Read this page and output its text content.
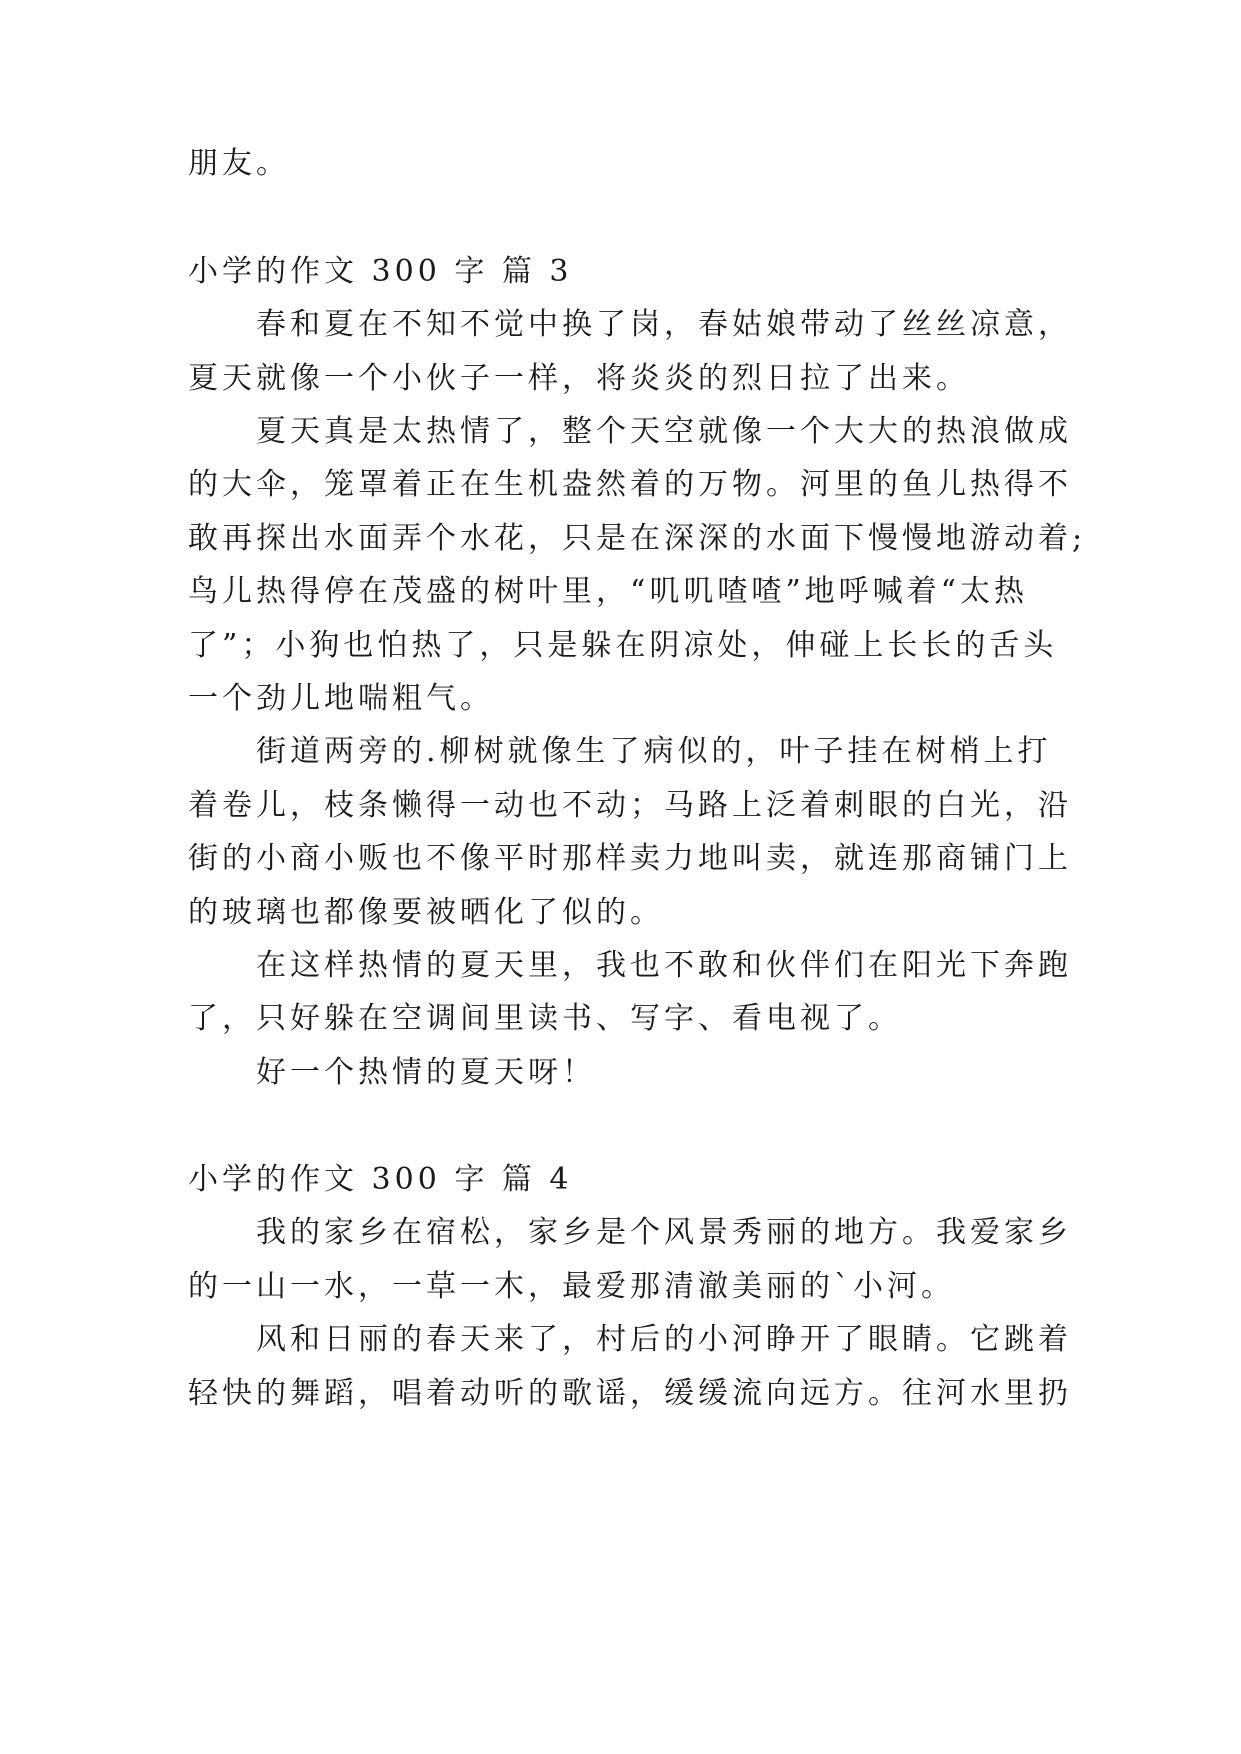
朋友。
小学的作文 300 字 篇 3
春和夏在不知不觉中换了岗，春姑娘带动了丝丝凉意，
夏天就像一个小伙子一样，将炎炎的烈日拉了出来。
夏天真是太热情了，整个天空就像一个大大的热浪做成
的大伞，笼罩着正在生机盎然着的万物。河里的鱼儿热得不
敢再探出水面弄个水花，只是在深深的水面下慢慢地游动着;
鸟儿热得停在茂盛的树叶里，“叽叽喳喳”地呼喊着“太热
了”；小狗也怕热了，只是躲在阴凉处，伸碰上长长的舌头
一个劲儿地喘粗气。
街道两旁的.柳树就像生了病似的，叶子挂在树梢上打
着卷儿，枝条懒得一动也不动；马路上泛着刺眼的白光，沿
街的小商小贩也不像平时那样卖力地叫卖，就连那商铺门上
的玻璃也都像要被晒化了似的。
在这样热情的夏天里，我也不敢和伙伴们在阳光下奔跑
了，只好躲在空调间里读书、写字、看电视了。
好一个热情的夏天呀！
小学的作文 300 字 篇 4
我的家乡在宿松，家乡是个风景秀丽的地方。我爱家乡
的一山一水，一草一木，最爱那清澈美丽的`小河。
风和日丽的春天来了，村后的小河睁开了眼睛。它跳着
轻快的舞蹈，唱着动听的歌谣，缓缓流向远方。往河水里扔
